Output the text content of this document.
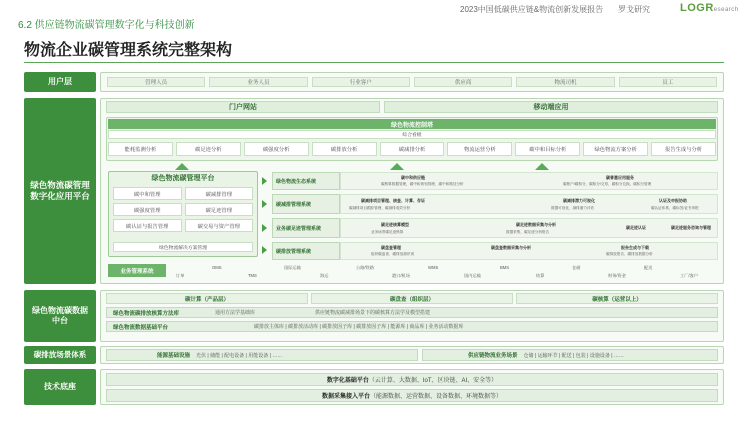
6.2 供应链物流碳管理数字化与科技创新
2023中国低碳供应链&物流创新发展报告 罗戈研究	LOGResearch
物流企业碳管理系统完整架构
用户层	管理人员	业务人员	行业客户	供应商	物流司机	员工
绿色物流碳管理数字化应用平台
门户网站	移动端应用
绿色物流控制塔
综合看板
能耗监测分析	碳足迹分析	碳强度分析	碳排放分析	碳减排分析	物流运营分析	碳中和目标分析	绿色物流方案分析	报告生成与分析
绿色物流碳管理平台
碳中和管理	碳减排管理
碳强度管理	碳足迹管理
碳认证与报告管理	碳交易与资产管理
绿色物流解决方案管理
绿色物流生态系统
碳中和供应链
碳核算数据管理，碳中和规划管理、碳中和路径分析
碳普惠应用服务
碳账户/碳积分，碳积分/交易，碳积分兑换，碳积分管理
碳减排管理系统
碳减排项目管理、核查、计算、存证
碳减排项目跟踪管理、碳减排成效分析
碳减排潜力可视化
数据可视化、减排潜力评估
认证及申报协助
碳认证体系，碳标签/证书申报
业务碳足迹管理系统
碳足迹核算模型
业务场景碳足迹核算
碳足迹数据采集与分析
数据采集、碳足迹分析报告
碳足迹认证	碳足迹服务咨询与管理
碳排放管理系统
碳盘查管理
组织碳盘查、碳排放源识别
碳盘查数据采集与分析	报告生成与下载
碳排放报告、碳排放数据分析
业务管理系统
订单
OMS
TMS
国际运输
海运
公路/铁路
港口/机场
WMS
国内运输
BMS
结算
仓储
财务/资金
配送
工厂/客户
绿色物流碳数据中台
碳计算（产品层）	碳盘查（组织层）	碳核算（运营以上）
绿色物流碳排放核算方法库	通用方法学基础库	供应链物流碳减排场景下的碳核算方法学及模型搭建
绿色物流数据基础平台	碳排放主体库 | 碳排放活动库 | 碳排放因子库 | 碳排放因子库 | 能源库 | 商品库 | 业务活动数据库
碳排放场景体系	能源基础设施 光伏 | 储能 | 配电设备 | 用能设备 | ……	供应链物流业务场景 仓储 | 运输环节 | 配送 | 包装 | 设施设备 | ……
技术底座
数字化基础平台 （云计算、大数据、IoT、区块链、AI、安全等）
数据采集接入平台 （能源数据、运营数据、设备数据、环境数据等）
